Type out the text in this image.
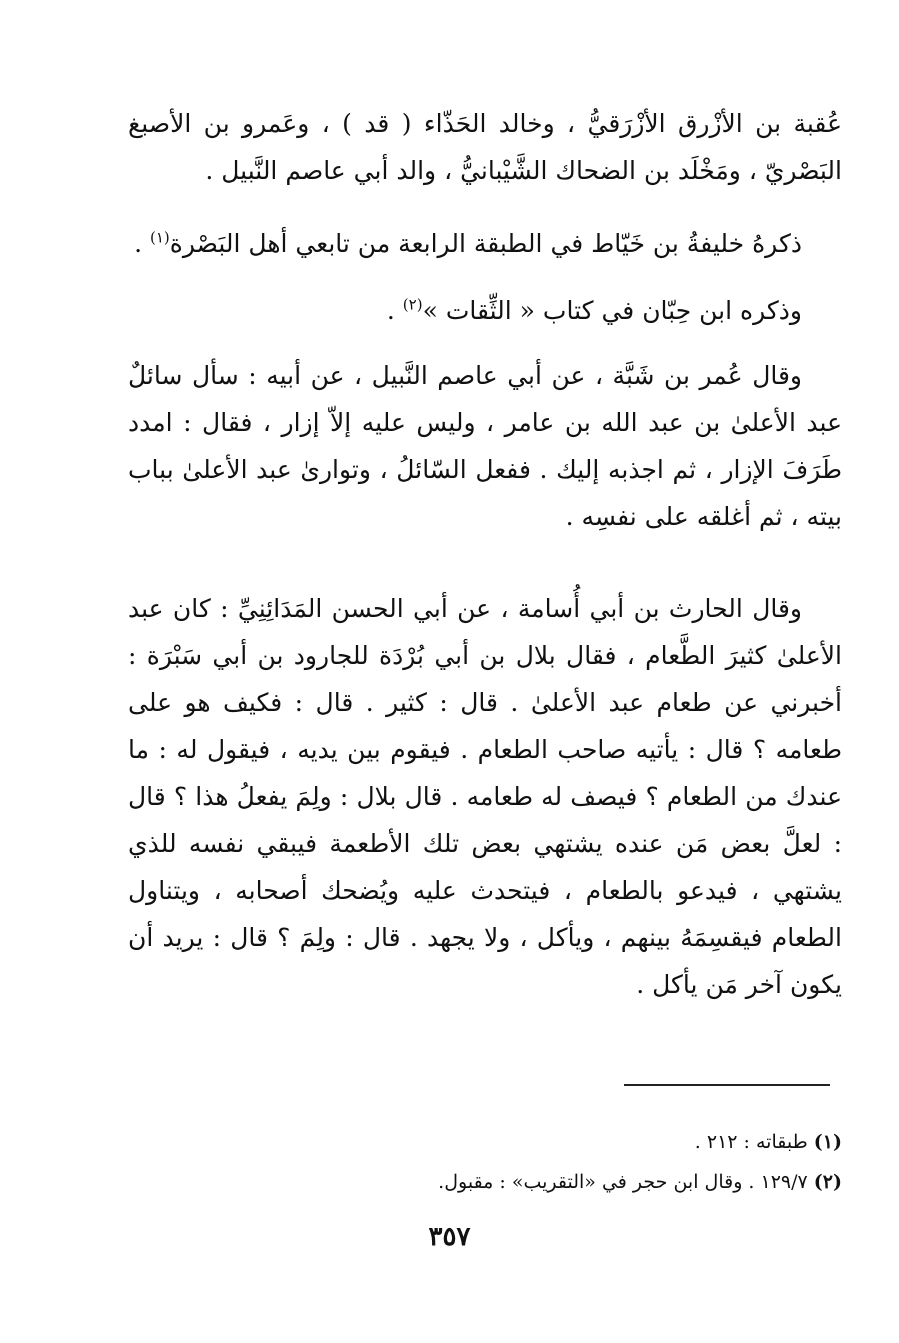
عُقبة بن الأزْرق الأزْرَقيُّ ، وخالد الحَذّاء ( قد ) ، وعَمرو بن الأصبغ البَصْريّ ، ومَخْلَد بن الضحاك الشَّيْبانيُّ ، والد أبي عاصم النَّبيل .

ذكرهُ خليفةُ بن خَيّاط في الطبقة الرابعة من تابعي أهل البَصْرة$^{(١)}$ .

وذكره ابن حِبّان في كتاب « الثِّقات »$^{(٢)}$ .

وقال عُمر بن شَبَّة ، عن أبي عاصم النَّبيل ، عن أبيه : سأل سائلٌ عبد الأعلىٰ بن عبد الله بن عامر ، وليس عليه إلاّ إزار ، فقال : امدد طَرَفَ الإزار ، ثم اجذبه إليك . ففعل السّائلُ ، وتوارىٰ عبد الأعلىٰ بباب بيته ، ثم أغلقه على نفسِه .

وقال الحارث بن أبي أُسامة ، عن أبي الحسن المَدَائِنِيِّ : كان عبد الأعلىٰ كثيرَ الطَّعام ، فقال بلال بن أبي بُرْدَة للجارود بن أبي سَبْرَة : أخبرني عن طعام عبد الأعلىٰ . قال : كثير . قال : فكيف هو على طعامه ؟ قال : يأتيه صاحب الطعام . فيقوم بين يديه ، فيقول له : ما عندك من الطعام ؟ فيصف له طعامه . قال بلال : ولِمَ يفعلُ هذا ؟ قال : لعلَّ بعض مَن عنده يشتهي بعض تلك الأطعمة فيبقي نفسه للذي يشتهي ، فيدعو بالطعام ، فيتحدث عليه ويُضحك أصحابه ، ويتناول الطعام فيقسِمَهُ بينهم ، ويأكل ، ولا يجهد . قال : ولِمَ ؟ قال : يريد أن يكون آخر مَن يأكل .

(١) طبقاته : ٢١٢ .

(٢) ١٢٩/٧ . وقال ابن حجر في «التقريب» : مقبول.

٣٥٧
